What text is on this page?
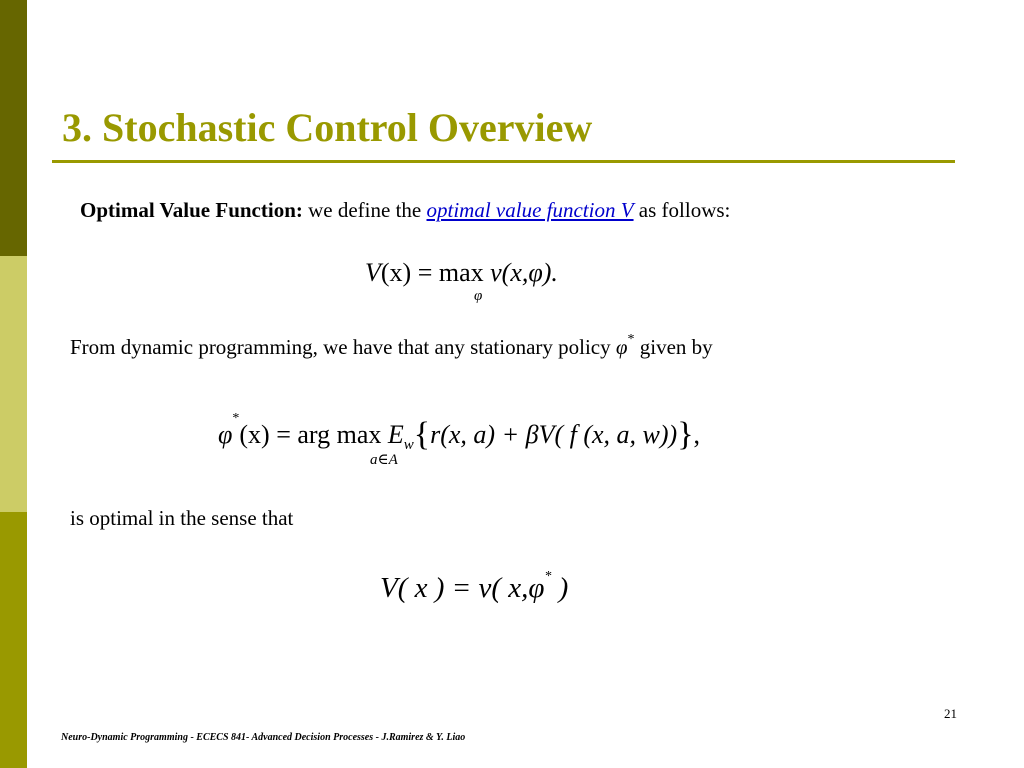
3. Stochastic Control Overview
Optimal Value Function: we define the optimal value function V as follows:
V(x) = max v(x,φ).
φ
From dynamic programming, we have that any stationary policy φ* given by
φ*(x) = arg $\max E_w\{r(x$, a) + βV( f (x, a, w))},
a∈A
is optimal in the sense that
V( x ) = v( x,φ* )
21
Neuro-Dynamic Programming - ECECS 841- Advanced Decision Processes - J.Ramirez & Y. Liao
